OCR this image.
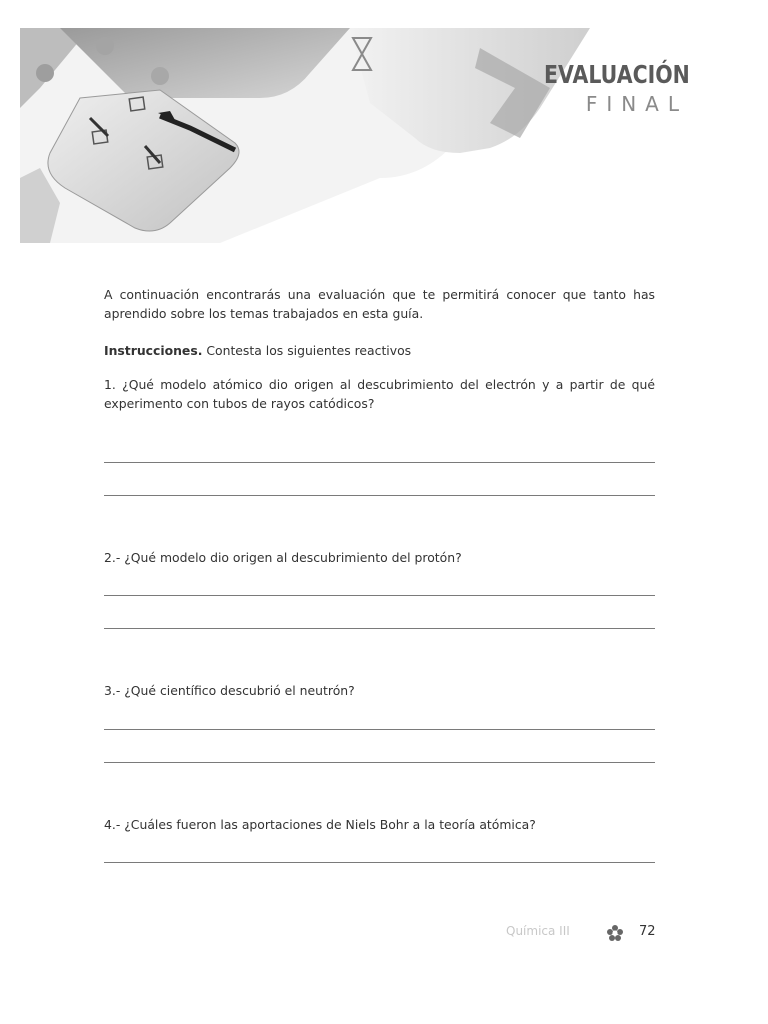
EVALUACIÓN
FINAL

A continuación encontrarás una evaluación que te permitirá conocer que tanto has aprendido sobre los temas trabajados en esta guía.

Instrucciones. Contesta los siguientes reactivos

1. ¿Qué modelo atómico dio origen al descubrimiento del electrón y a partir de qué experimento con tubos de rayos catódicos?

2.- ¿Qué modelo dio origen al descubrimiento del protón?

3.- ¿Qué científico descubrió el neutrón?

4.- ¿Cuáles fueron las aportaciones de Niels Bohr a la teoría atómica?

Química III	72
